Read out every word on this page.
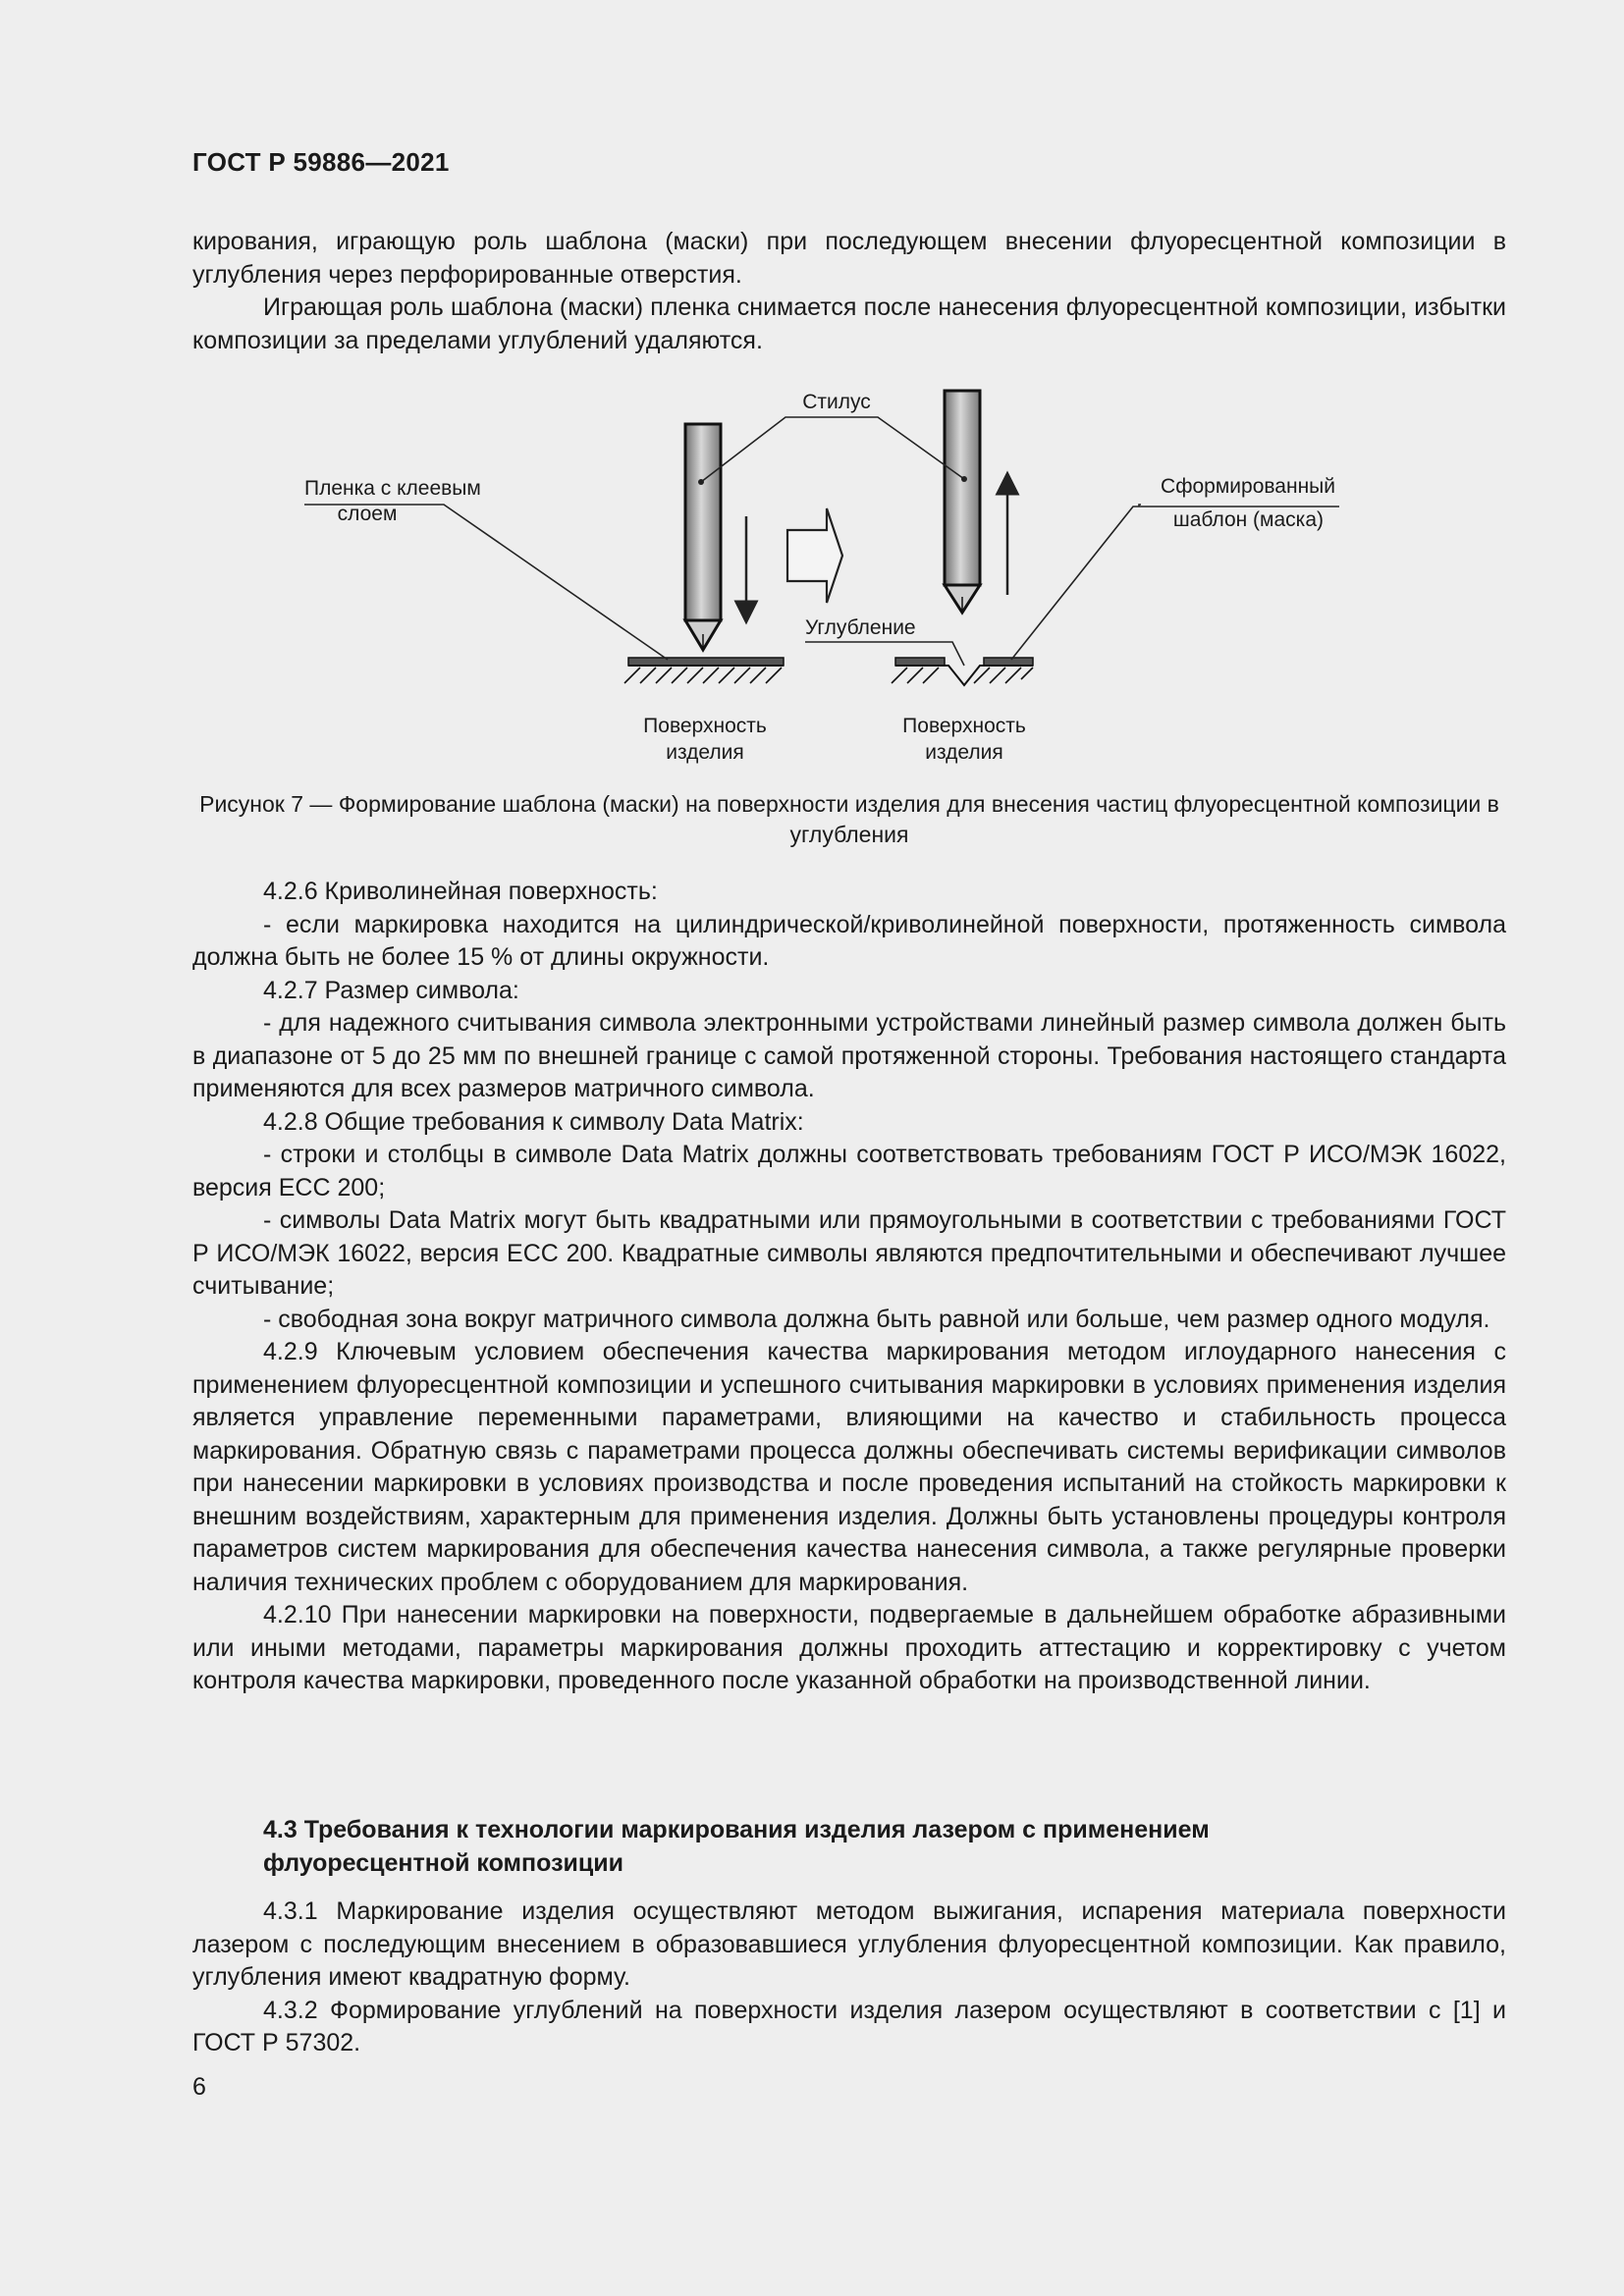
ГОСТ Р 59886—2021

кирования, играющую роль шаблона (маски) при последующем внесении флуоресцентной композиции в углубления через перфорированные отверстия.

Играющая роль шаблона (маски) пленка снимается после нанесения флуоресцентной композиции, избытки композиции за пределами углублений удаляются.

Стилус
Пленка с клеевым
слоем
Сформированный
шаблон (маска)
Углубление
Поверхность
изделия
Поверхность
изделия
Рисунок 7 — Формирование шаблона (маски) на поверхности изделия для внесения частиц флуоресцентной композиции в углубления

4.2.6 Криволинейная поверхность:

- если маркировка находится на цилиндрической/криволинейной поверхности, протяженность символа должна быть не более 15 % от длины окружности.

4.2.7 Размер символа:

- для надежного считывания символа электронными устройствами линейный размер символа должен быть в диапазоне от 5 до 25 мм по внешней границе с самой протяженной стороны. Требования настоящего стандарта применяются для всех размеров матричного символа.

4.2.8 Общие требования к символу Data Matrix:

- строки и столбцы в символе Data Matrix должны соответствовать требованиям ГОСТ Р ИСО/МЭК 16022, версия ЕСС 200;

- символы Data Matrix могут быть квадратными или прямоугольными в соответствии с требованиями ГОСТ Р ИСО/МЭК 16022, версия ЕСС 200. Квадратные символы являются предпочтительными и обеспечивают лучшее считывание;

- свободная зона вокруг матричного символа должна быть равной или больше, чем размер одного модуля.

4.2.9 Ключевым условием обеспечения качества маркирования методом иглоударного нанесения с применением флуоресцентной композиции и успешного считывания маркировки в условиях применения изделия является управление переменными параметрами, влияющими на качество и стабильность процесса маркирования. Обратную связь с параметрами процесса должны обеспечивать системы верификации символов при нанесении маркировки в условиях производства и после проведения испытаний на стойкость маркировки к внешним воздействиям, характерным для применения изделия. Должны быть установлены процедуры контроля параметров систем маркирования для обеспечения качества нанесения символа, а также регулярные проверки наличия технических проблем с оборудованием для маркирования.

4.2.10 При нанесении маркировки на поверхности, подвергаемые в дальнейшем обработке абразивными или иными методами, параметры маркирования должны проходить аттестацию и корректировку с учетом контроля качества маркировки, проведенного после указанной обработки на производственной линии.

4.3 Требования к технологии маркирования изделия лазером с применением
флуоресцентной композиции

4.3.1 Маркирование изделия осуществляют методом выжигания, испарения материала поверхности лазером с последующим внесением в образовавшиеся углубления флуоресцентной композиции. Как правило, углубления имеют квадратную форму.

4.3.2 Формирование углублений на поверхности изделия лазером осуществляют в соответствии с [1] и ГОСТ Р 57302.

6
